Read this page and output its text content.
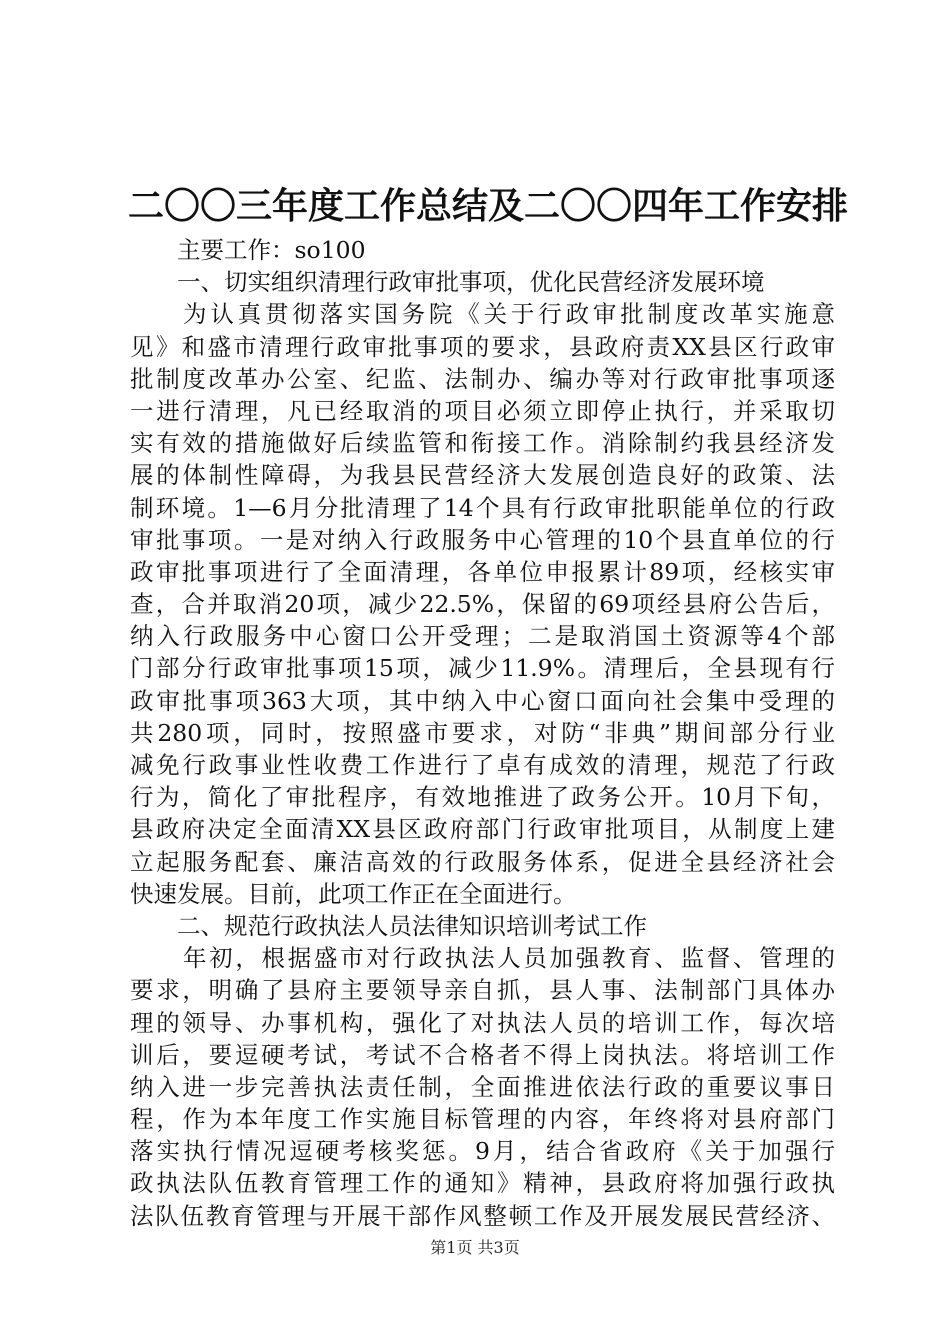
二〇〇三年度工作总结及二〇〇四年工作安排
主要工作：so100
一、切实组织清理行政审批事项，优化民营经济发展环境
为认真贯彻落实国务院《关于行政审批制度改革实施意
见》和盛市清理行政审批事项的要求，县政府责XX县区行政审
批制度改革办公室、纪监、法制办、编办等对行政审批事项逐
一进行清理，凡已经取消的项目必须立即停止执行，并采取切
实有效的措施做好后续监管和衔接工作。消除制约我县经济发
展的体制性障碍，为我县民营经济大发展创造良好的政策、法
制环境。1—6月分批清理了14个具有行政审批职能单位的行政
审批事项。一是对纳入行政服务中心管理的10个县直单位的行
政审批事项进行了全面清理，各单位申报累计89项，经核实审
查，合并取消20项，减少22.5%，保留的69项经县府公告后，
纳入行政服务中心窗口公开受理；二是取消国土资源等4个部
门部分行政审批事项15项，减少11.9%。清理后，全县现有行
政审批事项363大项，其中纳入中心窗口面向社会集中受理的
共280项，同时，按照盛市要求，对防“非典”期间部分行业
减免行政事业性收费工作进行了卓有成效的清理，规范了行政
行为，简化了审批程序，有效地推进了政务公开。10月下旬，
县政府决定全面清XX县区政府部门行政审批项目，从制度上建
立起服务配套、廉洁高效的行政服务体系，促进全县经济社会
快速发展。目前，此项工作正在全面进行。
二、规范行政执法人员法律知识培训考试工作
年初，根据盛市对行政执法人员加强教育、监督、管理的
要求，明确了县府主要领导亲自抓，县人事、法制部门具体办
理的领导、办事机构，强化了对执法人员的培训工作，每次培
训后，要逗硬考试，考试不合格者不得上岗执法。将培训工作
纳入进一步完善执法责任制，全面推进依法行政的重要议事日
程，作为本年度工作实施目标管理的内容，年终将对县府部门
落实执行情况逗硬考核奖惩。9月，结合省政府《关于加强行
政执法队伍教育管理工作的通知》精神，县政府将加强行政执
法队伍教育管理与开展干部作风整顿工作及开展发展民营经济、
第1页 共3页
